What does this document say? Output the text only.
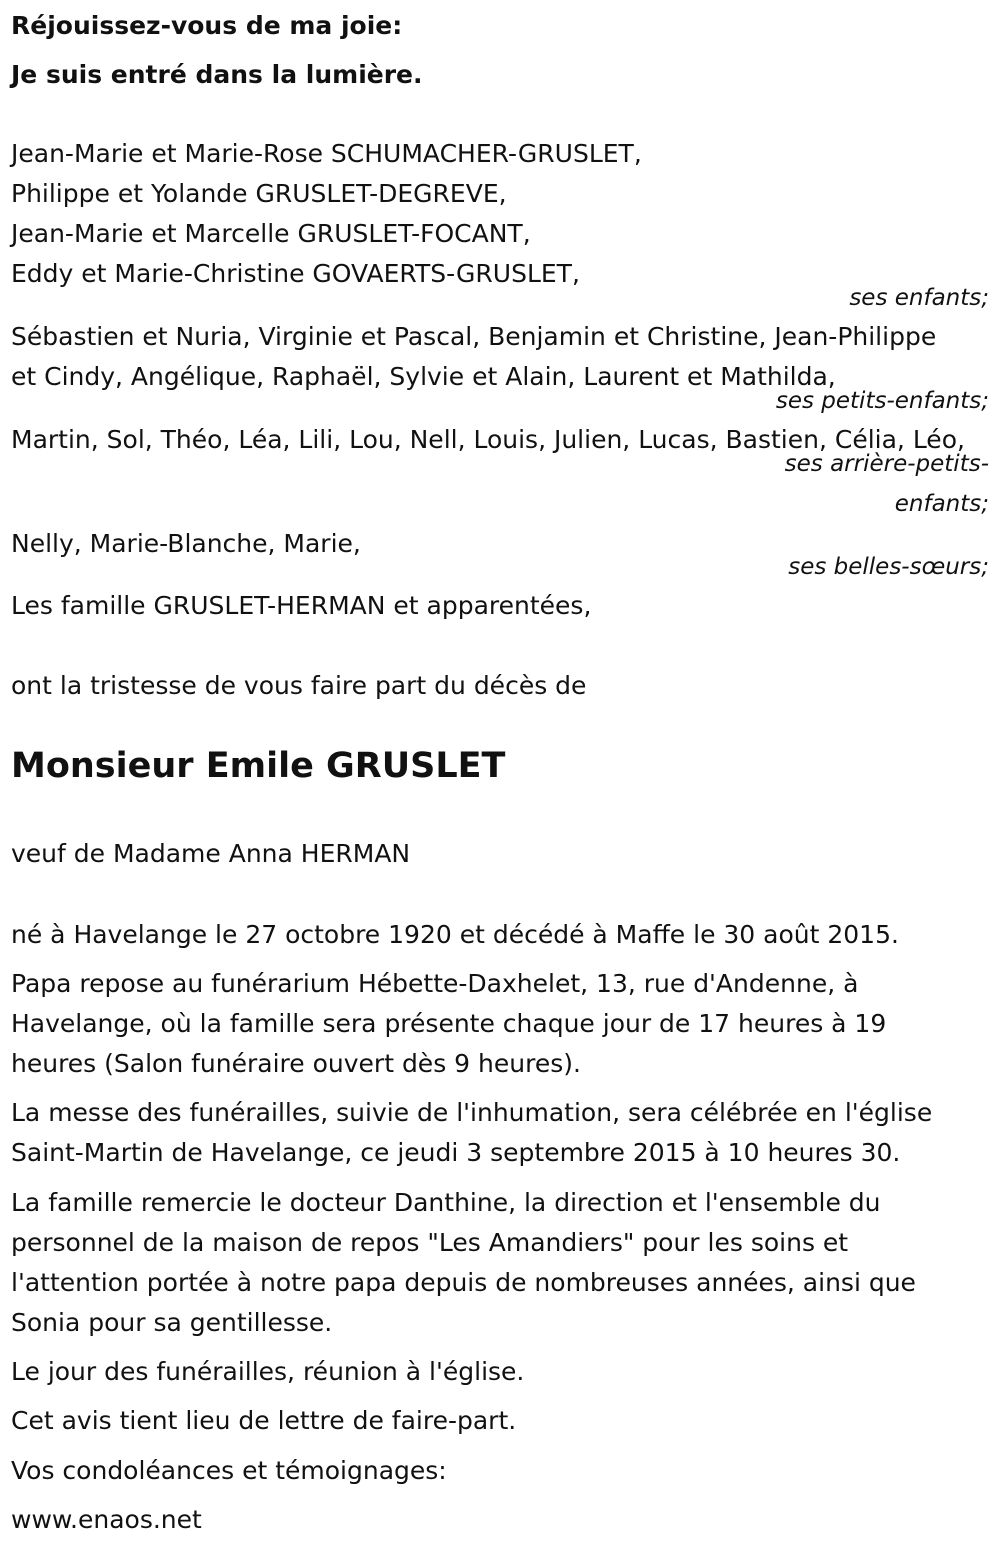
Réjouissez-vous de ma joie:
Je suis entré dans la lumière.
Jean-Marie et Marie-Rose SCHUMACHER-GRUSLET,
Philippe et Yolande GRUSLET-DEGREVE,
Jean-Marie et Marcelle GRUSLET-FOCANT,
Eddy et Marie-Christine GOVAERTS-GRUSLET,
ses enfants;
Sébastien et Nuria, Virginie et Pascal, Benjamin et Christine, Jean-Philippe
et Cindy, Angélique, Raphaël, Sylvie et Alain, Laurent et Mathilda,
ses petits-enfants;
Martin, Sol, Théo, Léa, Lili, Lou, Nell, Louis, Julien, Lucas, Bastien, Célia, Léo,
ses arrière-petits-
enfants;
Nelly, Marie-Blanche, Marie,
ses belles-sœurs;
Les famille GRUSLET-HERMAN et apparentées,
ont la tristesse de vous faire part du décès de
Monsieur Emile GRUSLET
veuf de Madame Anna HERMAN
né à Havelange le 27 octobre 1920 et décédé à Maffe le 30 août 2015.
Papa repose au funérarium Hébette-Daxhelet, 13, rue d'Andenne, à
Havelange, où la famille sera présente chaque jour de 17 heures à 19
heures (Salon funéraire ouvert dès 9 heures).
La messe des funérailles, suivie de l'inhumation, sera célébrée en l'église
Saint-Martin de Havelange, ce jeudi 3 septembre 2015 à 10 heures 30.
La famille remercie le docteur Danthine, la direction et l'ensemble du
personnel de la maison de repos "Les Amandiers" pour les soins et
l'attention portée à notre papa depuis de nombreuses années, ainsi que
Sonia pour sa gentillesse.
Le jour des funérailles, réunion à l'église.
Cet avis tient lieu de lettre de faire-part.
Vos condoléances et témoignages:
www.enaos.net
